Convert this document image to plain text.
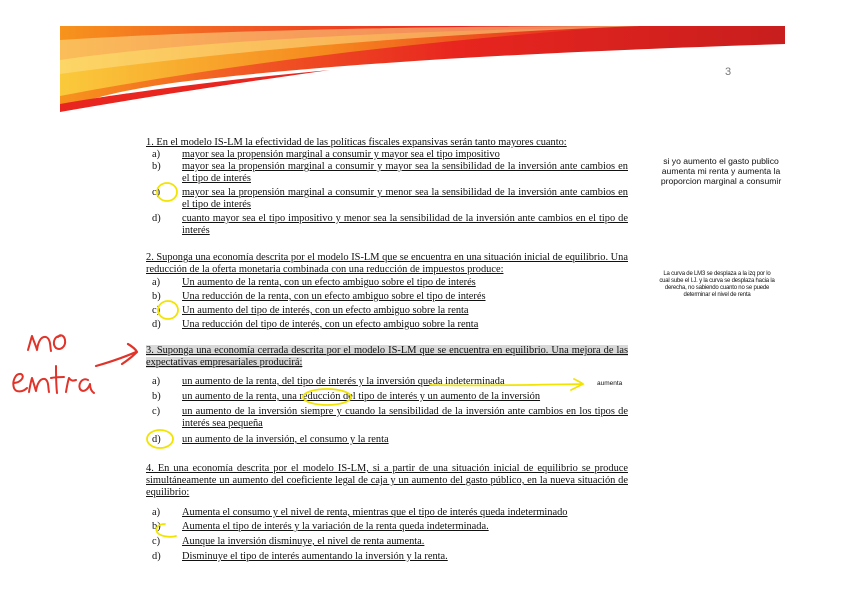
3
1. En el modelo IS-LM la efectividad de las políticas fiscales expansivas serán tanto mayores cuanto:
a)	mayor sea la propensión marginal a consumir y mayor sea el tipo impositivo
b)	mayor sea la propensión marginal a consumir y mayor sea la sensibilidad de la inversión ante cambios en el tipo de interés
c)	mayor sea la propensión marginal a consumir y menor sea la sensibilidad de la inversión ante cambios en el tipo de interés
d)	cuanto mayor sea el tipo impositivo y menor sea la sensibilidad de la inversión ante cambios en el tipo de interés
2. Suponga una economía descrita por el modelo IS-LM que se encuentra en una situación inicial de equilibrio. Una reducción de la oferta monetaria combinada con una reducción de impuestos produce:
a)	Un aumento de la renta, con un efecto ambiguo sobre el tipo de interés
b)	Una reducción de la renta, con un efecto ambiguo sobre el tipo de interés
c)	Un aumento del tipo de interés, con un efecto ambiguo sobre la renta
d)	Una reducción del tipo de interés, con un efecto ambiguo sobre la renta
3. Suponga una economía cerrada descrita por el modelo IS-LM que se encuentra en equilibrio. Una mejora de las expectativas empresariales producirá:
a)	un aumento de la renta, del tipo de interés y la inversión queda indeterminada
b)	un aumento de la renta, una reducción del tipo de interés y un aumento de la inversión
c)	un aumento de la inversión siempre y cuando la sensibilidad de la inversión ante cambios en los tipos de interés sea pequeña
d)	un aumento de la inversión, el consumo y la renta
4. En una economía descrita por el modelo IS-LM, si a partir de una situación inicial de equilibrio se produce simultáneamente un aumento del coeficiente legal de caja y un aumento del gasto público, en la nueva situación de equilibrio:
a)	Aumenta el consumo y el nivel de renta, mientras que el tipo de interés queda indeterminado
b)	Aumenta el tipo de interés y la variación de la renta queda indeterminada.
c)	Aunque la inversión disminuye, el nivel de renta aumenta.
d)	Disminuye el tipo de interés aumentando la inversión y la renta.
si yo aumento el gasto publico aumenta mi renta y aumenta la proporcion marginal a consumir
La curva de LM3 se desplaza a la izq por lo cual sube el I.J. y la curva se desplaza hacia la derecha, no sabiendo cuanto no se puede determinar el nivel de renta
aumenta
